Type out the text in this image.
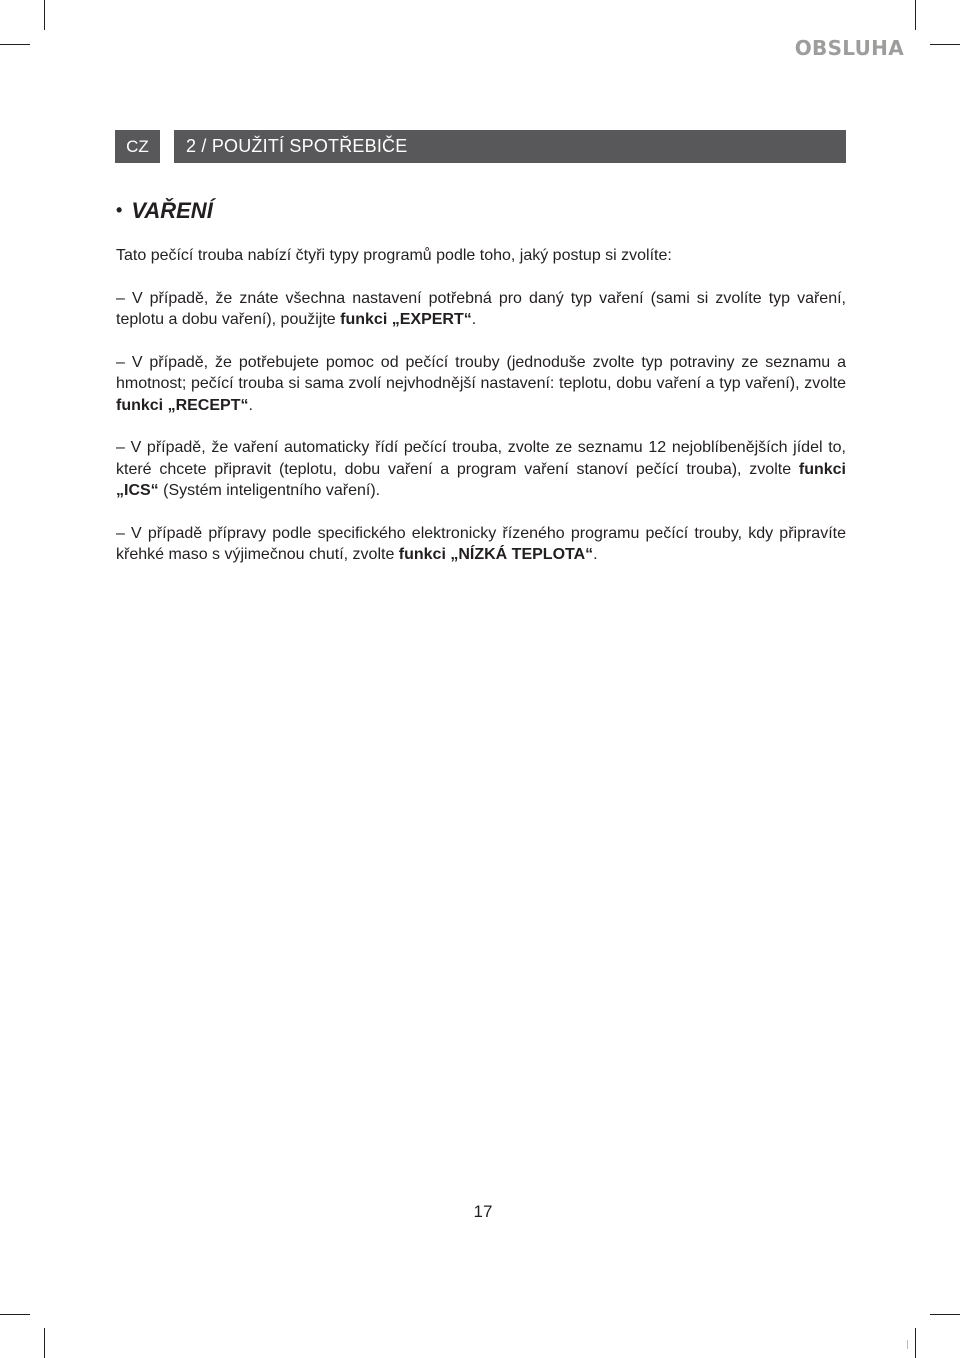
OBSLUHA
CZ	2 / POUŽITÍ SPOTŘEBIČE
• VAŘENÍ

Tato pečící trouba nabízí čtyři typy programů podle toho, jaký postup si zvolíte:

– V případě, že znáte všechna nastavení potřebná pro daný typ vaření (sami si zvolíte typ vaření, teplotu a dobu vaření), použijte funkci „EXPERT“.

– V případě, že potřebujete pomoc od pečící trouby (jednoduše zvolte typ potraviny ze seznamu a hmotnost; pečící trouba si sama zvolí nejvhodnější nastavení: teplotu, dobu vaření a typ vaření), zvolte funkci „RECEPT“.

– V případě, že vaření automaticky řídí pečící trouba, zvolte ze seznamu 12 nejoblíbenějších jídel to, které chcete připravit (teplotu, dobu vaření a program vaření stanoví pečící trouba), zvolte funkci „ICS“ (Systém inteligentního vaření).

– V případě přípravy podle specifického elektronicky řízeného programu pečící trouby, kdy připravíte křehké maso s výjimečnou chutí, zvolte funkci „NÍZKÁ TEPLOTA“.

17
